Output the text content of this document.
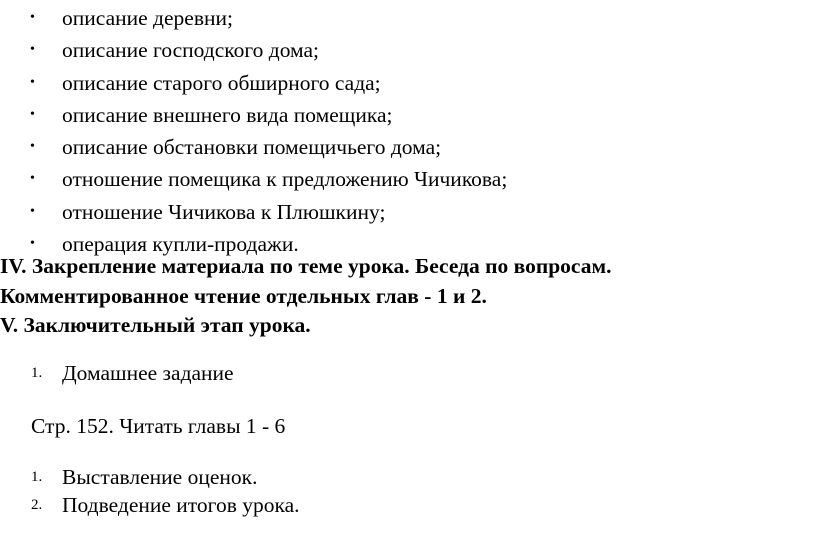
• описание деревни;
• описание господского дома;
• описание старого обширного сада;
• описание внешнего вида помещика;
• описание обстановки помещичьего дома;
• отношение помещика к предложению Чичикова;
• отношение Чичикова к Плюшкину;
• операция купли-продажи.
IV. Закрепление материала по теме урока. Беседа по вопросам.
Комментированное чтение отдельных глав - 1 и 2.
V. Заключительный этап урока.
1. Домашнее задание
Стр. 152. Читать главы 1 - 6
1. Выставление оценок.
2. Подведение итогов урока.
